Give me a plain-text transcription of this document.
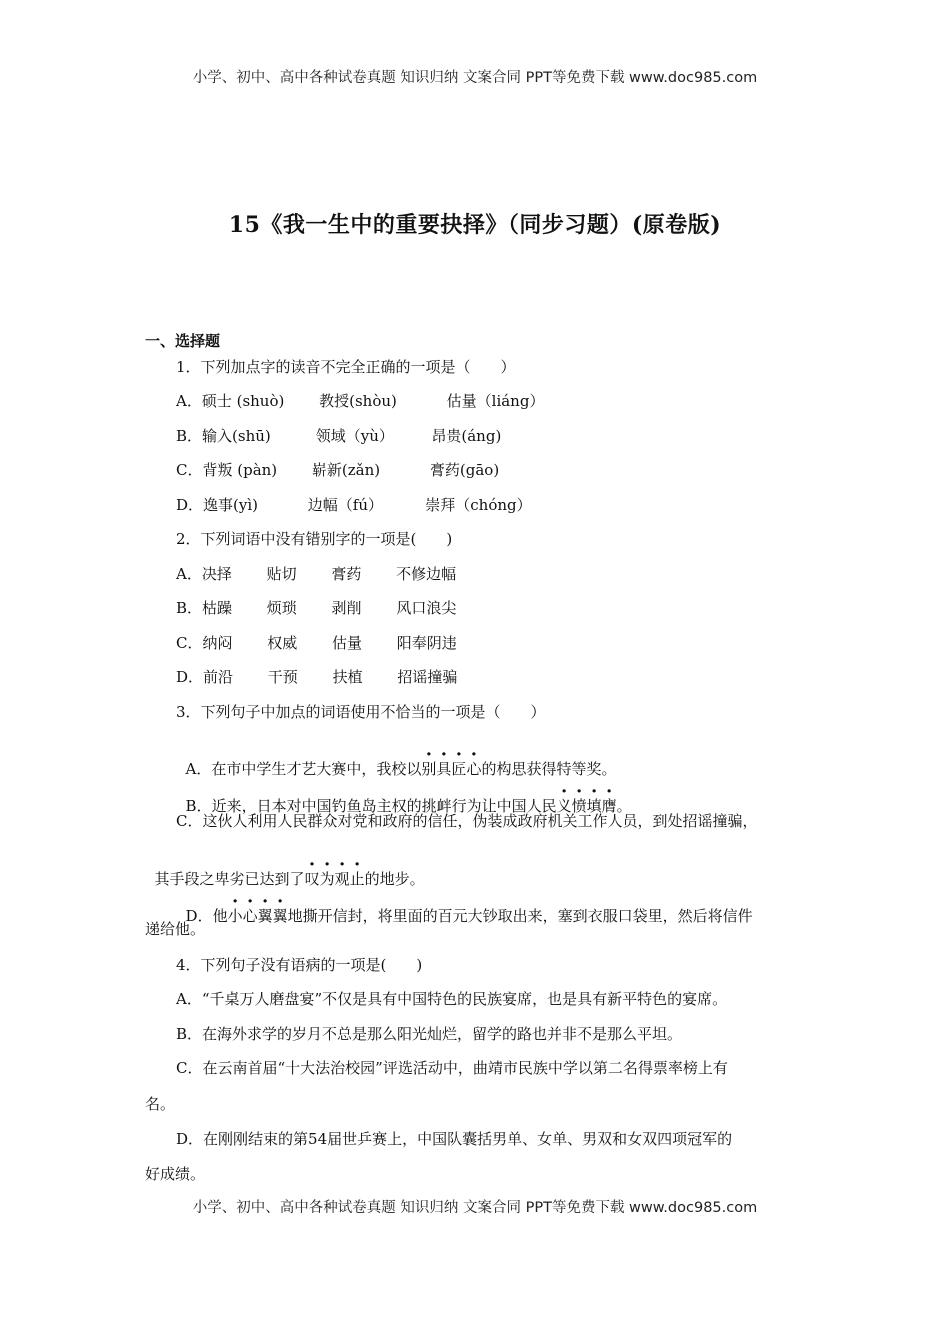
小学、初中、高中各种试卷真题 知识归纳 文案合同 PPT等免费下载 www.doc985.com
15《我一生中的重要抉择》（同步习题）(原卷版)
一、选择题
1．下列加点字的读音不完全正确的一项是（　　）
A．硕士 (shuò)　　 教授(shòu)　　　 估量（liáng）
B．输入(shū)　　　领域（yù）　　　昂贵(áng)
C．背叛 (pàn)　　 崭新(zǎn)　　　 膏药(gāo)
D．逸事(yì)　　　 边幅（fú）　　　 崇拜（chóng）
2．下列词语中没有错别字的一项是(　　)
A．决择　　 贴切　　 膏药　　 不修边幅
B．枯躁　　 烦琐　　 剥削　　 风口浪尖
C．纳闷　　 权威　　 估量　　 阳奉阴违
D．前沿　　 干预　　 扶植　　 招谣撞骗
3．下列句子中加点的词语使用不恰当的一项是（　　）

A．在市中学生才艺大赛中，我校以别具匠心的构思获得特等奖。

B．近来，日本对中国钓鱼岛主权的挑衅行为让中国人民义愤填膺。

C．这伙人利用人民群众对党和政府的信任，伪装成政府机关工作人员，到处招谣撞骗，

其手段之卑劣已达到了叹为观止的地步。

D．他小心翼翼地撕开信封，将里面的百元大钞取出来，塞到衣服口袋里，然后将信件

递给他。
4．下列句子没有语病的一项是(　　)
A．“千桌万人磨盘宴”不仅是具有中国特色的民族宴席，也是具有新平特色的宴席。
B．在海外求学的岁月不总是那么阳光灿烂，留学的路也并非不是那么平坦。
C．在云南首届“十大法治校园”评选活动中，曲靖市民族中学以第二名得票率榜上有
名。
D．在刚刚结束的第54届世乒赛上，中国队囊括男单、女单、男双和女双四项冠军的
好成绩。
小学、初中、高中各种试卷真题 知识归纳 文案合同 PPT等免费下载 www.doc985.com
